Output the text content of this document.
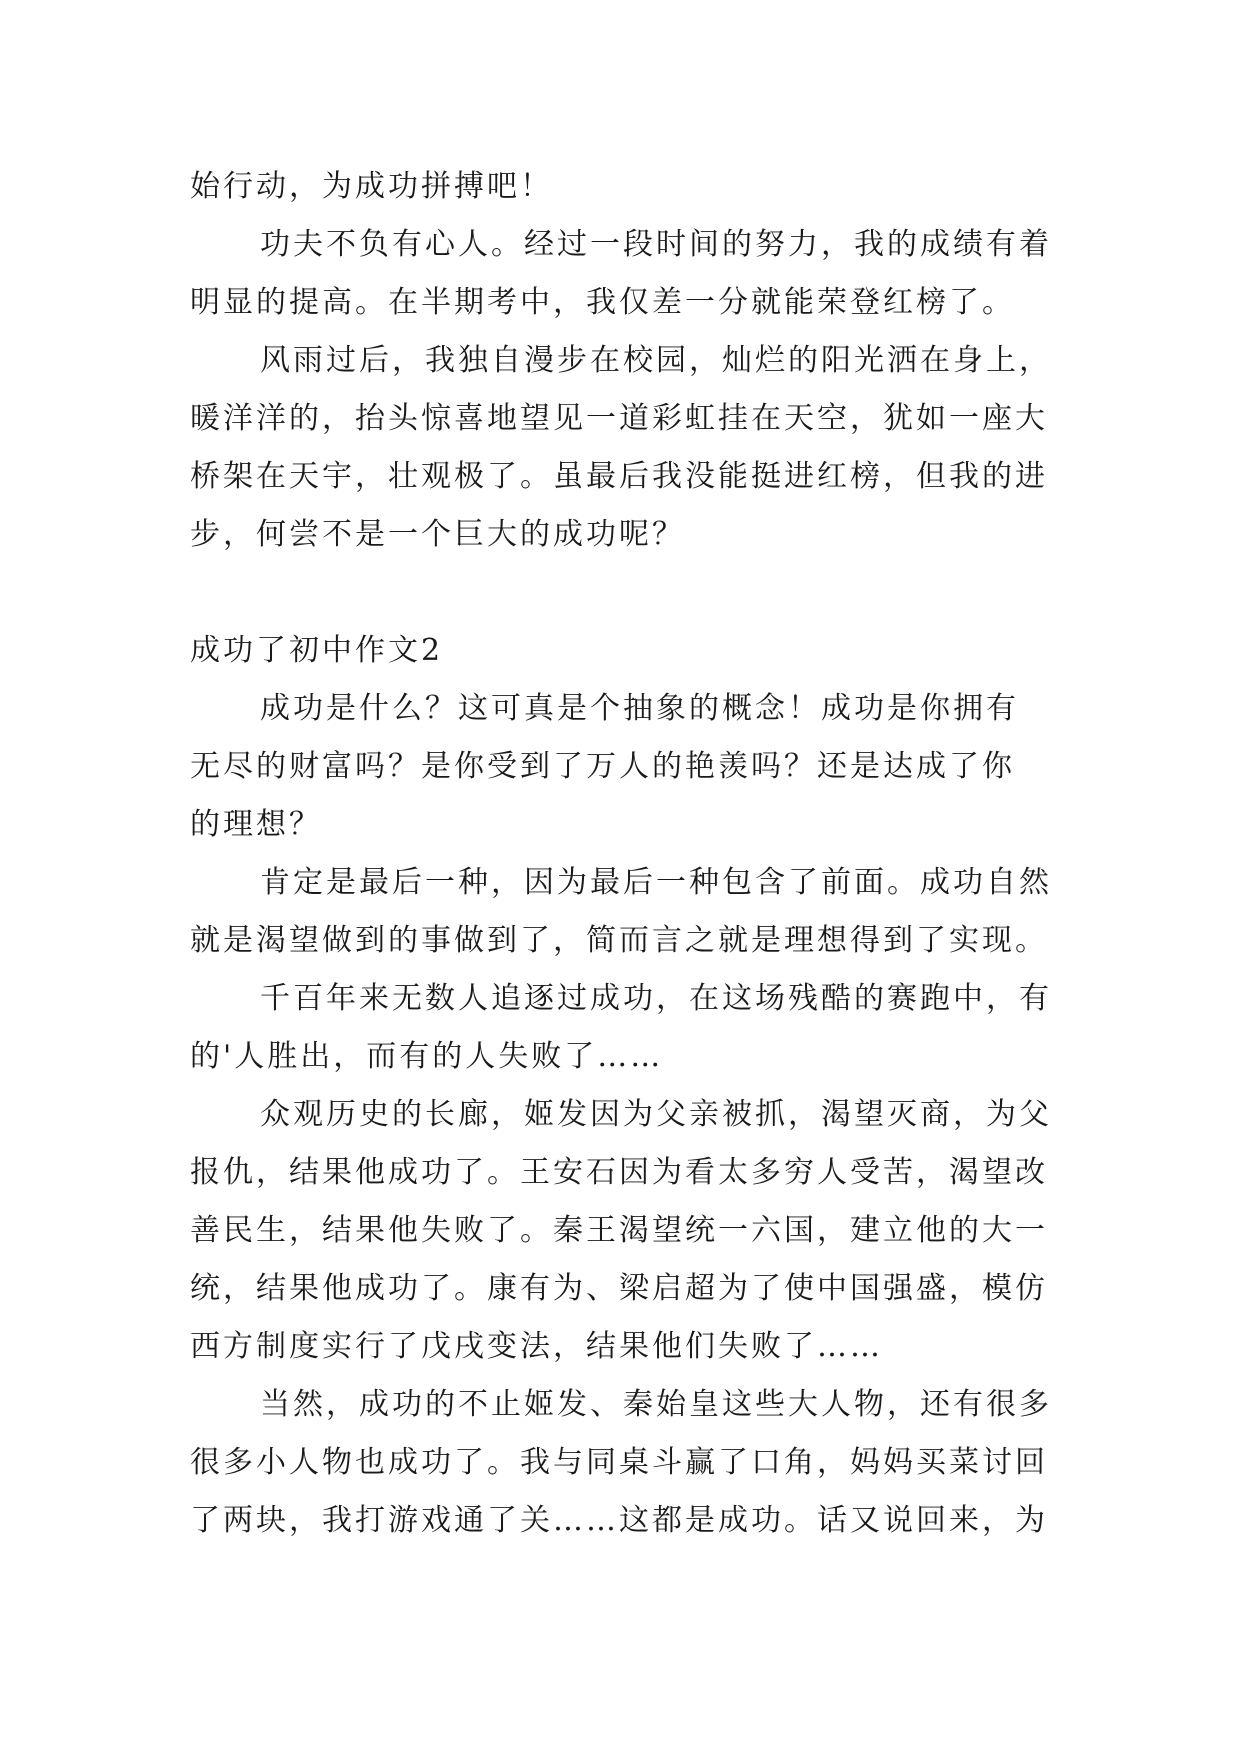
始行动，为成功拼搏吧！
功夫不负有心人。经过一段时间的努力，我的成绩有着
明显的提高。在半期考中，我仅差一分就能荣登红榜了。
风雨过后，我独自漫步在校园，灿烂的阳光洒在身上，
暖洋洋的，抬头惊喜地望见一道彩虹挂在天空，犹如一座大
桥架在天宇，壮观极了。虽最后我没能挺进红榜，但我的进
步，何尝不是一个巨大的成功呢？
成功了初中作文2
成功是什么？这可真是个抽象的概念！成功是你拥有
无尽的财富吗？是你受到了万人的艳羡吗？还是达成了你
的理想？
肯定是最后一种，因为最后一种包含了前面。成功自然
就是渴望做到的事做到了，简而言之就是理想得到了实现。
千百年来无数人追逐过成功，在这场残酷的赛跑中，有
的'人胜出，而有的人失败了……
众观历史的长廊，姬发因为父亲被抓，渴望灭商，为父
报仇，结果他成功了。王安石因为看太多穷人受苦，渴望改
善民生，结果他失败了。秦王渴望统一六国，建立他的大一
统，结果他成功了。康有为、梁启超为了使中国强盛，模仿
西方制度实行了戊戌变法，结果他们失败了……
当然，成功的不止姬发、秦始皇这些大人物，还有很多
很多小人物也成功了。我与同桌斗赢了口角，妈妈买菜讨回
了两块，我打游戏通了关……这都是成功。话又说回来，为
